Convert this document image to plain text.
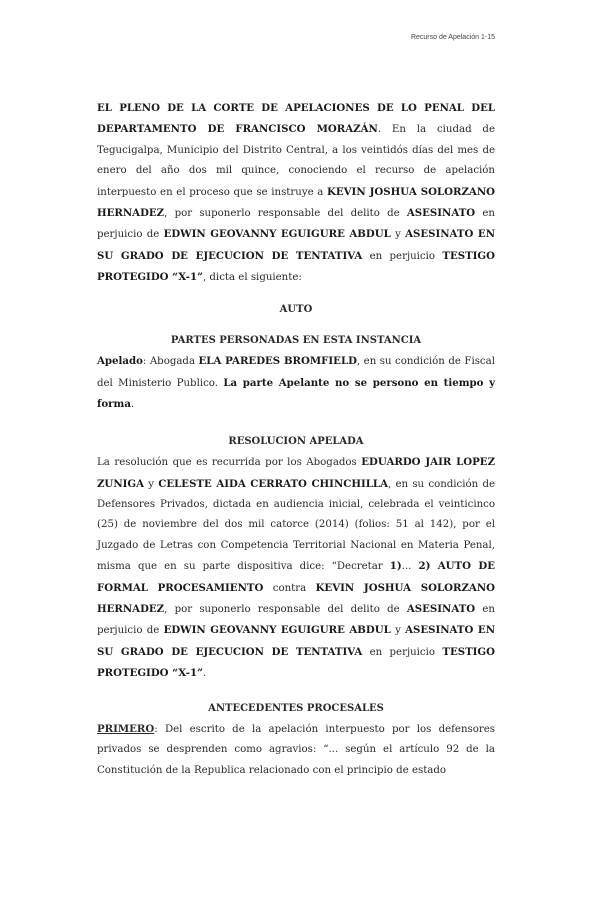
Recurso de Apelación 1-15

EL PLENO DE LA CORTE DE APELACIONES DE LO PENAL DEL DEPARTAMENTO DE FRANCISCO MORAZÁN. En la ciudad de Tegucigalpa, Municipio del Distrito Central, a los veintidós días del mes de enero del año dos mil quince, conociendo el recurso de apelación interpuesto en el proceso que se instruye a KEVIN JOSHUA SOLORZANO HERNADEZ, por suponerlo responsable del delito de ASESINATO en perjuicio de EDWIN GEOVANNY EGUIGURE ABDUL y ASESINATO EN SU GRADO DE EJECUCION DE TENTATIVA en perjuicio TESTIGO PROTEGIDO “X-1”, dicta el siguiente:

AUTO

PARTES PERSONADAS EN ESTA INSTANCIA

Apelado: Abogada ELA PAREDES BROMFIELD, en su condición de Fiscal del Ministerio Publico. La parte Apelante no se persono en tiempo y forma.

RESOLUCION APELADA

La resolución que es recurrida por los Abogados EDUARDO JAIR LOPEZ ZUNIGA y CELESTE AIDA CERRATO CHINCHILLA, en su condición de Defensores Privados, dictada en audiencia inicial, celebrada el veinticinco (25) de noviembre del dos mil catorce (2014) (folios: 51 al 142), por el Juzgado de Letras con Competencia Territorial Nacional en Materia Penal, misma que en su parte dispositiva dice: “Decretar 1)... 2) AUTO DE FORMAL PROCESAMIENTO contra KEVIN JOSHUA SOLORZANO HERNADEZ, por suponerlo responsable del delito de ASESINATO en perjuicio de EDWIN GEOVANNY EGUIGURE ABDUL y ASESINATO EN SU GRADO DE EJECUCION DE TENTATIVA en perjuicio TESTIGO PROTEGIDO “X-1”.

ANTECEDENTES PROCESALES

PRIMERO: Del escrito de la apelación interpuesto por los defensores privados se desprenden como agravios: “... según el artículo 92 de la Constitución de la Republica relacionado con el principio de estado
